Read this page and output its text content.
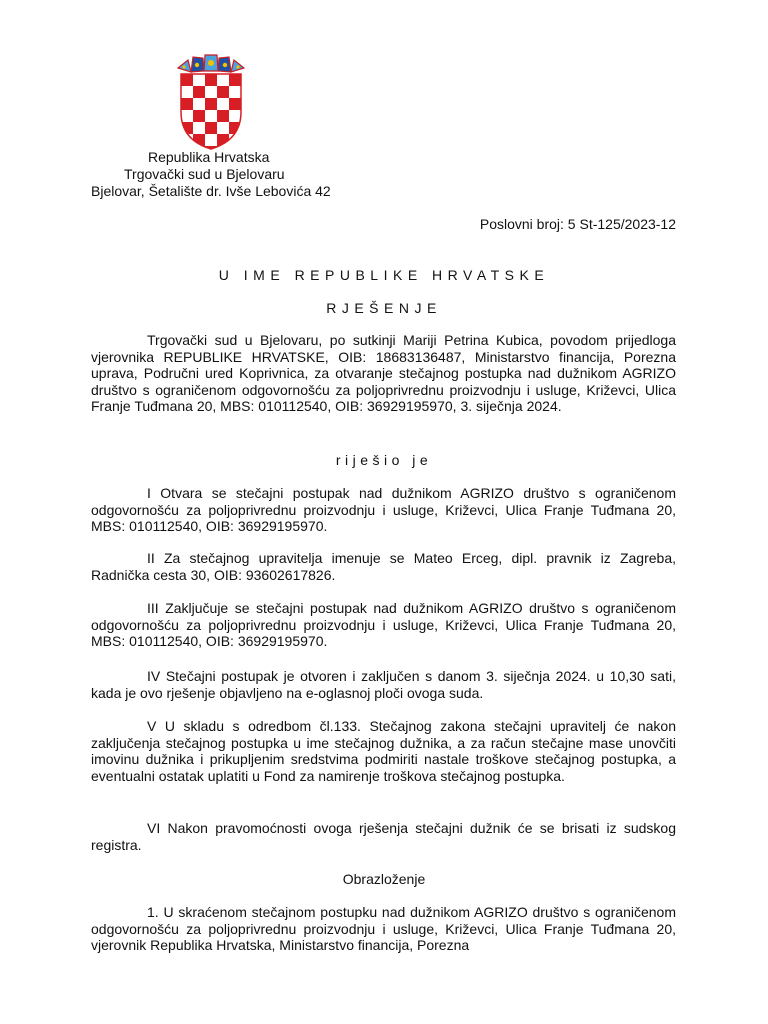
Republika Hrvatska
Trgovački sud u Bjelovaru
Bjelovar, Šetalište dr. Ivše Lebovića 42
Poslovni broj: 5 St-125/2023-12
U IME REPUBLIKE HRVATSKE
RJEŠENJE

Trgovački sud u Bjelovaru, po sutkinji Mariji Petrina Kubica, povodom prijedloga vjerovnika REPUBLIKE HRVATSKE, OIB: 18683136487, Ministarstvo financija, Porezna uprava, Područni ured Koprivnica, za otvaranje stečajnog postupka nad dužnikom AGRIZO društvo s ograničenom odgovornošću za poljoprivrednu proizvodnju i usluge, Križevci, Ulica Franje Tuđmana 20, MBS: 010112540, OIB: 36929195970, 3. siječnja 2024.

riješio je

I Otvara se stečajni postupak nad dužnikom AGRIZO društvo s ograničenom odgovornošću za poljoprivrednu proizvodnju i usluge, Križevci, Ulica Franje Tuđmana 20, MBS: 010112540, OIB: 36929195970.

II Za stečajnog upravitelja imenuje se Mateo Erceg, dipl. pravnik iz Zagreba, Radnička cesta 30, OIB: 93602617826.

III Zaključuje se stečajni postupak nad dužnikom AGRIZO društvo s ograničenom odgovornošću za poljoprivrednu proizvodnju i usluge, Križevci, Ulica Franje Tuđmana 20, MBS: 010112540, OIB: 36929195970.

IV Stečajni postupak je otvoren i zaključen s danom 3. siječnja 2024. u 10,30 sati, kada je ovo rješenje objavljeno na e-oglasnoj ploči ovoga suda.

V U skladu s odredbom čl.133. Stečajnog zakona stečajni upravitelj će nakon zaključenja stečajnog postupka u ime stečajnog dužnika, a za račun stečajne mase unovčiti imovinu dužnika i prikupljenim sredstvima podmiriti nastale troškove stečajnog postupka, a eventualni ostatak uplatiti u Fond za namirenje troškova stečajnog postupka.

VI Nakon pravomoćnosti ovoga rješenja stečajni dužnik će se brisati iz sudskog registra.

Obrazloženje

1. U skraćenom stečajnom postupku nad dužnikom AGRIZO društvo s ograničenom odgovornošću za poljoprivrednu proizvodnju i usluge, Križevci, Ulica Franje Tuđmana 20, vjerovnik Republika Hrvatska, Ministarstvo financija, Porezna
